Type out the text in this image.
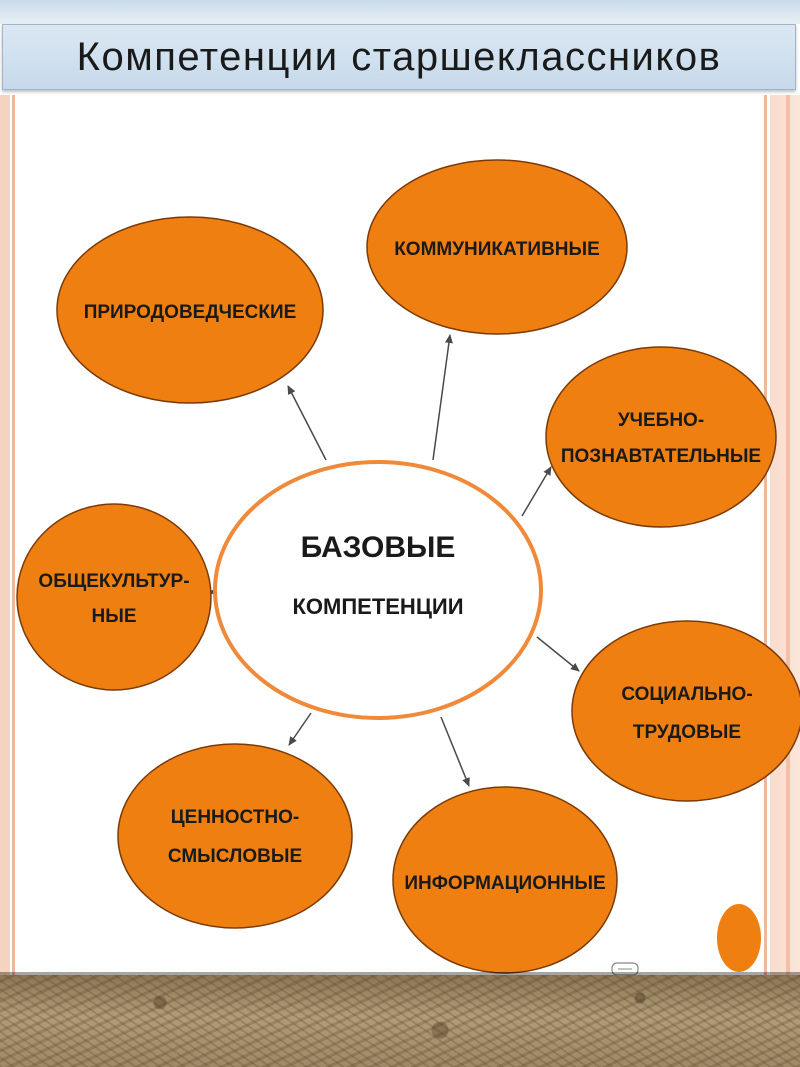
Компетенции старшеклассников
ПРИРОДОВЕДЧЕСКИЕ
КОММУНИКАТИВНЫЕ
УЧЕБНО-
ПОЗНАВТАТЕЛЬНЫЕ
ОБЩЕКУЛЬТУР-
НЫЕ
СОЦИАЛЬНО-
ТРУДОВЫЕ
ЦЕННОСТНО-
СМЫСЛОВЫЕ
ИНФОРМАЦИОННЫЕ
БАЗОВЫЕ
КОМПЕТЕНЦИИ
